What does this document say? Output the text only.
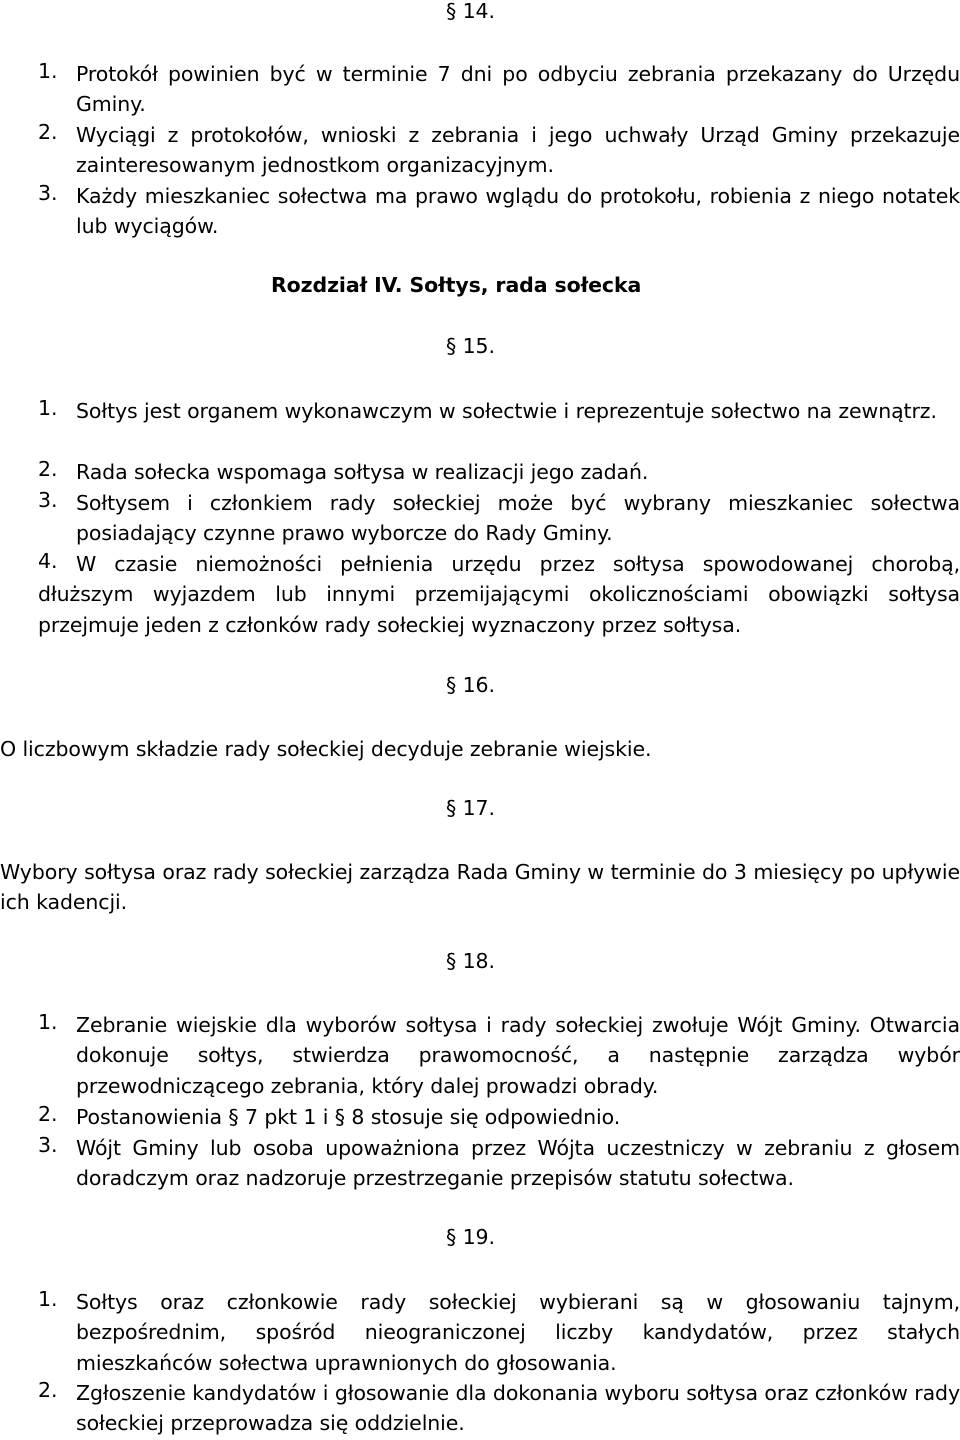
§ 14.
1. Protokół powinien być w terminie 7 dni po odbyciu zebrania przekazany do Urzędu Gminy.
2. Wyciągi z protokołów, wnioski z zebrania i jego uchwały Urząd Gminy przekazuje zainteresowanym jednostkom organizacyjnym.
3. Każdy mieszkaniec sołectwa ma prawo wglądu do protokołu, robienia z niego notatek lub wyciągów.
Rozdział IV. Sołtys, rada sołecka
§ 15.
1. Sołtys jest organem wykonawczym w sołectwie i reprezentuje sołectwo na zewnątrz.
2. Rada sołecka wspomaga sołtysa w realizacji jego zadań.
3. Sołtysem i członkiem rady sołeckiej może być wybrany mieszkaniec sołectwa posiadający czynne prawo wyborcze do Rady Gminy.
4. W czasie niemożności pełnienia urzędu przez sołtysa spowodowanej chorobą, dłuższym wyjazdem lub innymi przemijającymi okolicznościami obowiązki sołtysa przejmuje jeden z członków rady sołeckiej wyznaczony przez sołtysa.
§ 16.
O liczbowym składzie rady sołeckiej decyduje zebranie wiejskie.
§ 17.
Wybory sołtysa oraz rady sołeckiej zarządza Rada Gminy w terminie do 3 miesięcy po upływie ich kadencji.
§ 18.
1. Zebranie wiejskie dla wyborów sołtysa i rady sołeckiej zwołuje Wójt Gminy. Otwarcia dokonuje sołtys, stwierdza prawomocność, a następnie zarządza wybór przewodniczącego zebrania, który dalej prowadzi obrady.
2. Postanowienia § 7 pkt 1 i § 8 stosuje się odpowiednio.
3. Wójt Gminy lub osoba upoważniona przez Wójta uczestniczy w zebraniu z głosem doradczym oraz nadzoruje przestrzeganie przepisów statutu sołectwa.
§ 19.
1. Sołtys oraz członkowie rady sołeckiej wybierani są w głosowaniu tajnym, bezpośrednim, spośród nieograniczonej liczby kandydatów, przez stałych mieszkańców sołectwa uprawnionych do głosowania.
2. Zgłoszenie kandydatów i głosowanie dla dokonania wyboru sołtysa oraz członków rady sołeckiej przeprowadza się oddzielnie.
